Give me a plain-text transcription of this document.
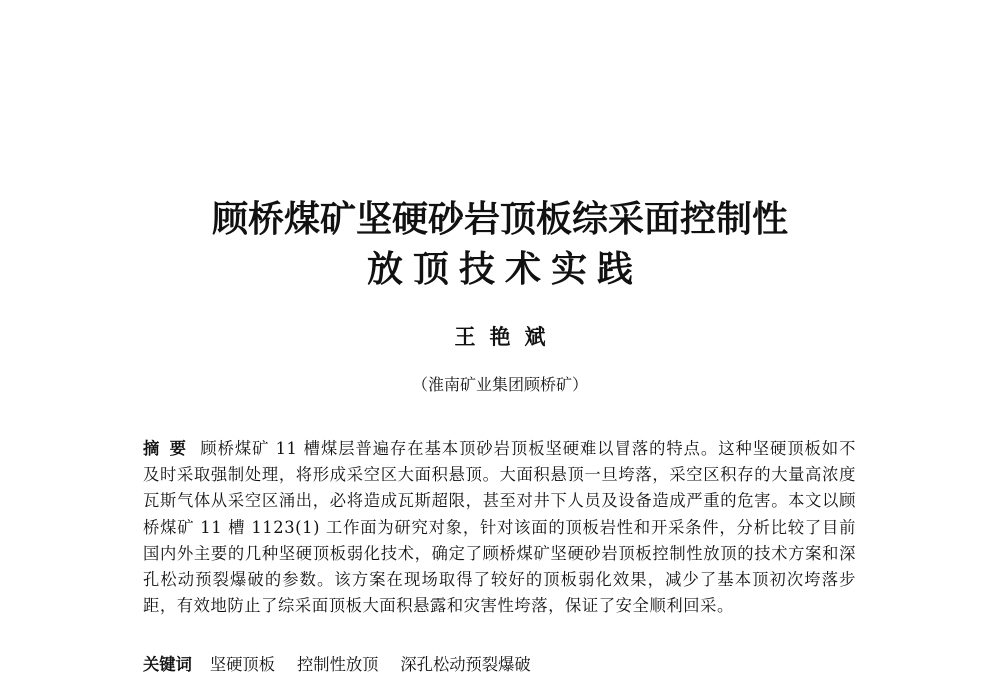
顾桥煤矿坚硬砂岩顶板综采面控制性
放顶技术实践
王艳斌
（淮南矿业集团顾桥矿）
摘要 顾桥煤矿 11 槽煤层普遍存在基本顶砂岩顶板坚硬难以冒落的特点。这种坚硬顶板如不及时采取强制处理，将形成采空区大面积悬顶。大面积悬顶一旦垮落，采空区积存的大量高浓度瓦斯气体从采空区涌出，必将造成瓦斯超限，甚至对井下人员及设备造成严重的危害。本文以顾桥煤矿 11 槽 1123(1) 工作面为研究对象，针对该面的顶板岩性和开采条件，分析比较了目前国内外主要的几种坚硬顶板弱化技术，确定了顾桥煤矿坚硬砂岩顶板控制性放顶的技术方案和深孔松动预裂爆破的参数。该方案在现场取得了较好的顶板弱化效果，减少了基本顶初次垮落步距，有效地防止了综采面顶板大面积悬露和灾害性垮落，保证了安全顺利回采。
关键词 坚硬顶板 控制性放顶 深孔松动预裂爆破
